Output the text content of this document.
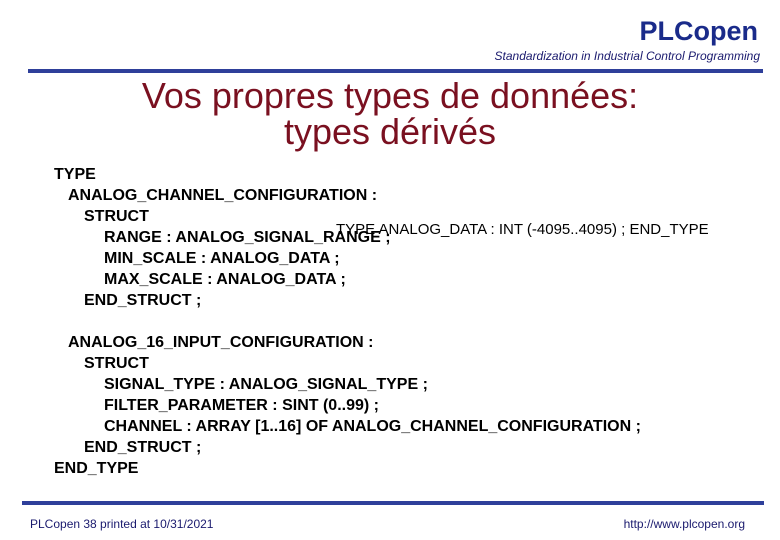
PLCopen
Standardization in Industrial Control Programming
Vos propres types de données:
types dérivés
TYPE
ANALOG_CHANNEL_CONFIGURATION :
STRUCT
RANGE : ANALOG_SIGNAL_RANGE ;
MIN_SCALE : ANALOG_DATA ;
MAX_SCALE : ANALOG_DATA ;
END_STRUCT ;
ANALOG_16_INPUT_CONFIGURATION :
STRUCT
SIGNAL_TYPE : ANALOG_SIGNAL_TYPE ;
FILTER_PARAMETER : SINT (0..99) ;
CHANNEL : ARRAY [1..16] OF ANALOG_CHANNEL_CONFIGURATION ;
END_STRUCT ;
END_TYPE
TYPE ANALOG_DATA : INT (-4095..4095) ; END_TYPE
PLCopen 38 printed at 10/31/2021	http://www.plcopen.org
